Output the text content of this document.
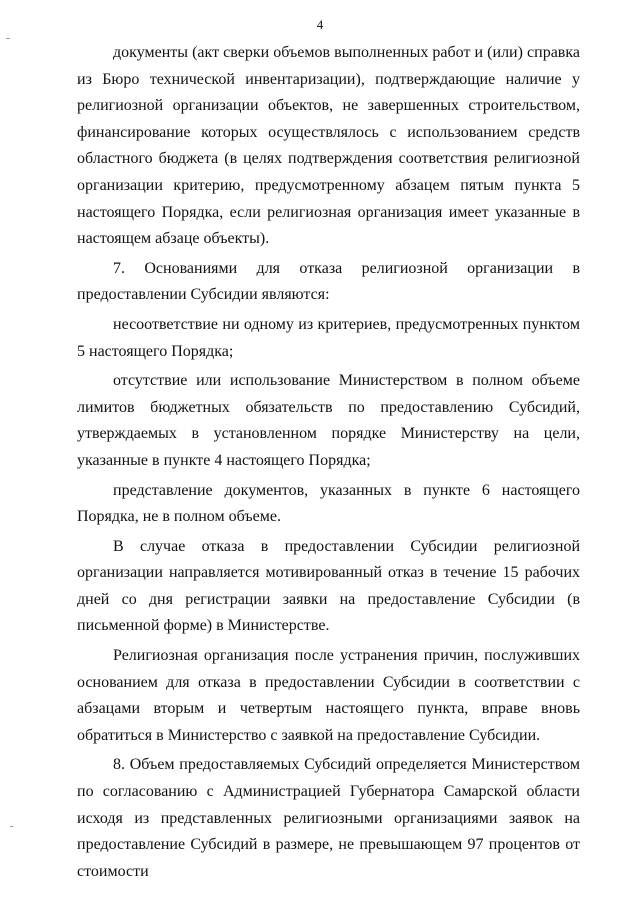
4

документы (акт сверки объемов выполненных работ и (или) справка из Бюро технической инвентаризации), подтверждающие наличие у религиозной организации объектов, не завершенных строительством, финансирование которых осуществлялось с использованием средств областного бюджета (в целях подтверждения соответствия религиозной организации критерию, предусмотренному абзацем пятым пункта 5 настоящего Порядка, если религиозная организация имеет указанные в настоящем абзаце объекты).

7. Основаниями для отказа религиозной организации в предоставлении Субсидии являются:

несоответствие ни одному из критериев, предусмотренных пунктом 5 настоящего Порядка;

отсутствие или использование Министерством в полном объеме лимитов бюджетных обязательств по предоставлению Субсидий, утверждаемых в установленном порядке Министерству на цели, указанные в пункте 4 настоящего Порядка;

представление документов, указанных в пункте 6 настоящего Порядка, не в полном объеме.

В случае отказа в предоставлении Субсидии религиозной организации направляется мотивированный отказ в течение 15 рабочих дней со дня регистрации заявки на предоставление Субсидии (в письменной форме) в Министерстве.

Религиозная организация после устранения причин, послуживших основанием для отказа в предоставлении Субсидии в соответствии с абзацами вторым и четвертым настоящего пункта, вправе вновь обратиться в Министерство с заявкой на предоставление Субсидии.

8. Объем предоставляемых Субсидий определяется Министерством по согласованию с Администрацией Губернатора Самарской области исходя из представленных религиозными организациями заявок на предоставление Субсидий в размере, не превышающем 97 процентов от стоимости
